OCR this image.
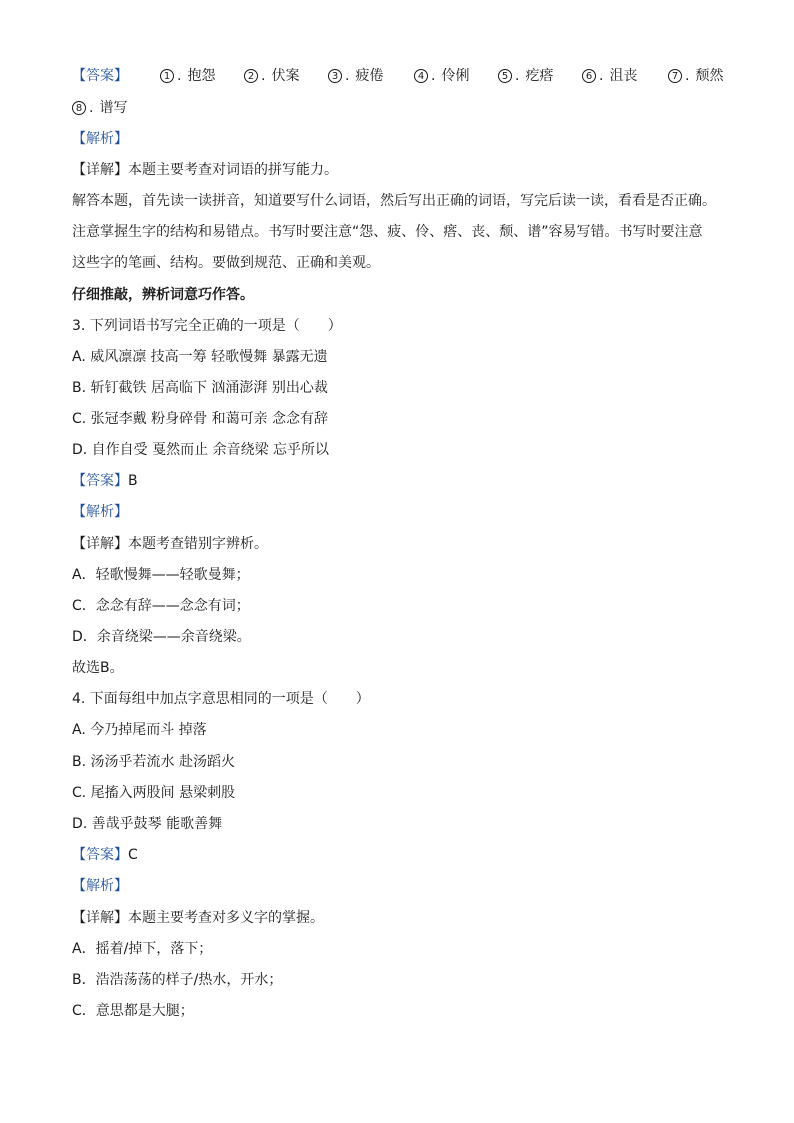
【答案】	1 . 抱怨	2 . 伏案	3 . 疲倦	4 . 伶俐	5 . 疙瘩	6 . 沮丧	7 . 颓然
8 . 谱写
【解析】
【详解】本题主要考查对词语的拼写能力。
解答本题，首先读一读拼音，知道要写什么词语，然后写出正确的词语，写完后读一读，看看是否正确。
注意掌握生字的结构和易错点。书写时要注意“怨、疲、伶、瘩、丧、颓、谱”容易写错。书写时要注意
这些字的笔画、结构。要做到规范、正确和美观。
仔细推敲，辨析词意巧作答。
3. 下列词语书写完全正确的一项是（　　）
A. 威风凛凛 技高一筹 轻歌慢舞 暴露无遗
B. 斩钉截铁 居高临下 汹涌澎湃 别出心裁
C. 张冠李戴 粉身碎骨 和蔼可亲 念念有辞
D. 自作自受 戛然而止 余音绕梁 忘乎所以
【答案】B
【解析】
【详解】本题考查错别字辨析。
A．轻歌慢舞——轻歌曼舞；
C．念念有辞——念念有词；
D．余音绕梁——余音绕梁。
故选B。
4. 下面每组中加点字意思相同的一项是（　　）
A. 今乃掉尾而斗 掉落
B. 汤汤乎若流水 赴汤蹈火
C. 尾搐入两股间 悬梁刺股
D. 善哉乎鼓琴 能歌善舞
【答案】C
【解析】
【详解】本题主要考查对多义字的掌握。
A．摇着/掉下，落下；
B．浩浩荡荡的样子/热水，开水；
C．意思都是大腿；
